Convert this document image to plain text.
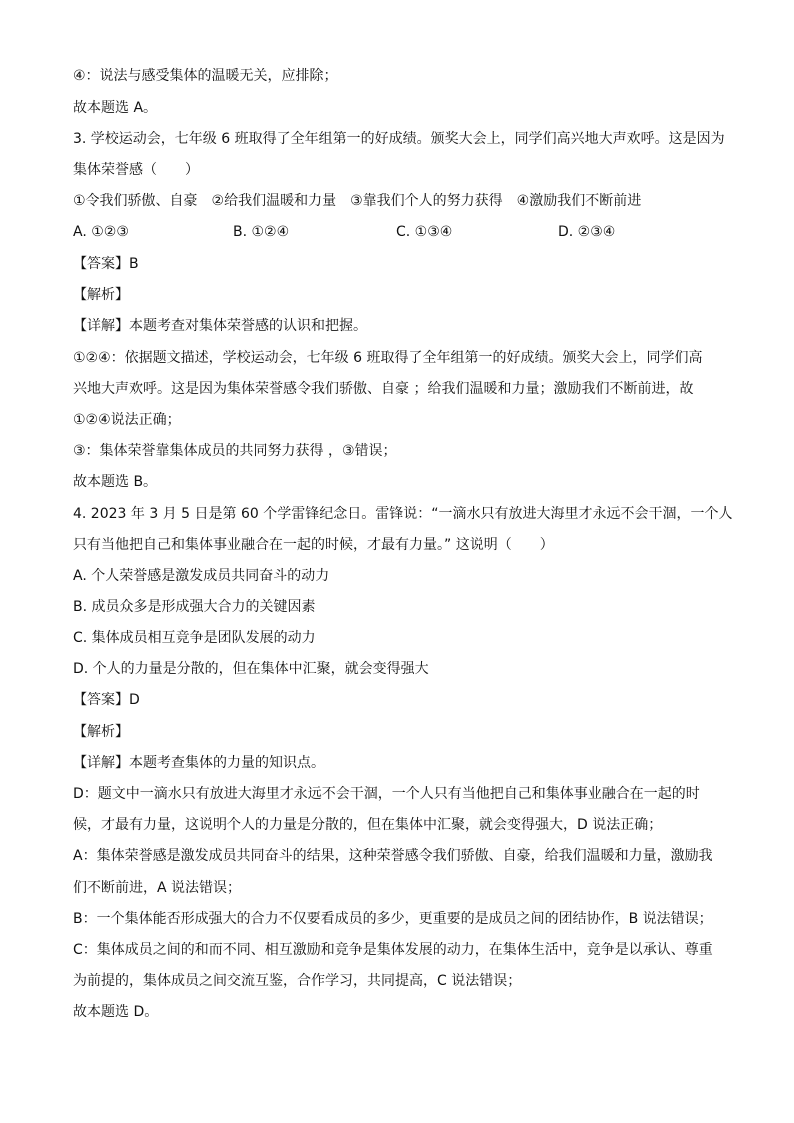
④：说法与感受集体的温暖无关，应排除；
故本题选 A。
3. 学校运动会，七年级 6 班取得了全年组第一的好成绩。颁奖大会上，同学们高兴地大声欢呼。这是因为
集体荣誉感（　　）
①令我们骄傲、自豪　②给我们温暖和力量　③靠我们个人的努力获得　④激励我们不断前进
A. ①②③	B. ①②④	C. ①③④	D. ②③④
【答案】B
【解析】
【详解】本题考查对集体荣誉感的认识和把握。
①②④：依据题文描述，学校运动会，七年级 6 班取得了全年组第一的好成绩。颁奖大会上，同学们高
兴地大声欢呼。这是因为集体荣誉感令我们骄傲、自豪 ；给我们温暖和力量；激励我们不断前进，故
①②④说法正确；
③：集体荣誉靠集体成员的共同努力获得 ，③错误；
故本题选 B。
4. 2023 年 3 月 5 日是第 60 个学雷锋纪念日。雷锋说：“一滴水只有放进大海里才永远不会干涸，一个人
只有当他把自己和集体事业融合在一起的时候，才最有力量。” 这说明（　　）
A. 个人荣誉感是激发成员共同奋斗的动力
B. 成员众多是形成强大合力的关键因素
C. 集体成员相互竞争是团队发展的动力
D. 个人的力量是分散的，但在集体中汇聚，就会变得强大
【答案】D
【解析】
【详解】本题考查集体的力量的知识点。
D：题文中一滴水只有放进大海里才永远不会干涸，一个人只有当他把自己和集体事业融合在一起的时
候，才最有力量，这说明个人的力量是分散的，但在集体中汇聚，就会变得强大，D 说法正确；
A：集体荣誉感是激发成员共同奋斗的结果，这种荣誉感令我们骄傲、自豪，给我们温暖和力量，激励我
们不断前进，A 说法错误；
B：一个集体能否形成强大的合力不仅要看成员的多少，更重要的是成员之间的团结协作，B 说法错误；
C：集体成员之间的和而不同、相互激励和竞争是集体发展的动力，在集体生活中，竞争是以承认、尊重
为前提的，集体成员之间交流互鉴，合作学习，共同提高，C 说法错误；
故本题选 D。
